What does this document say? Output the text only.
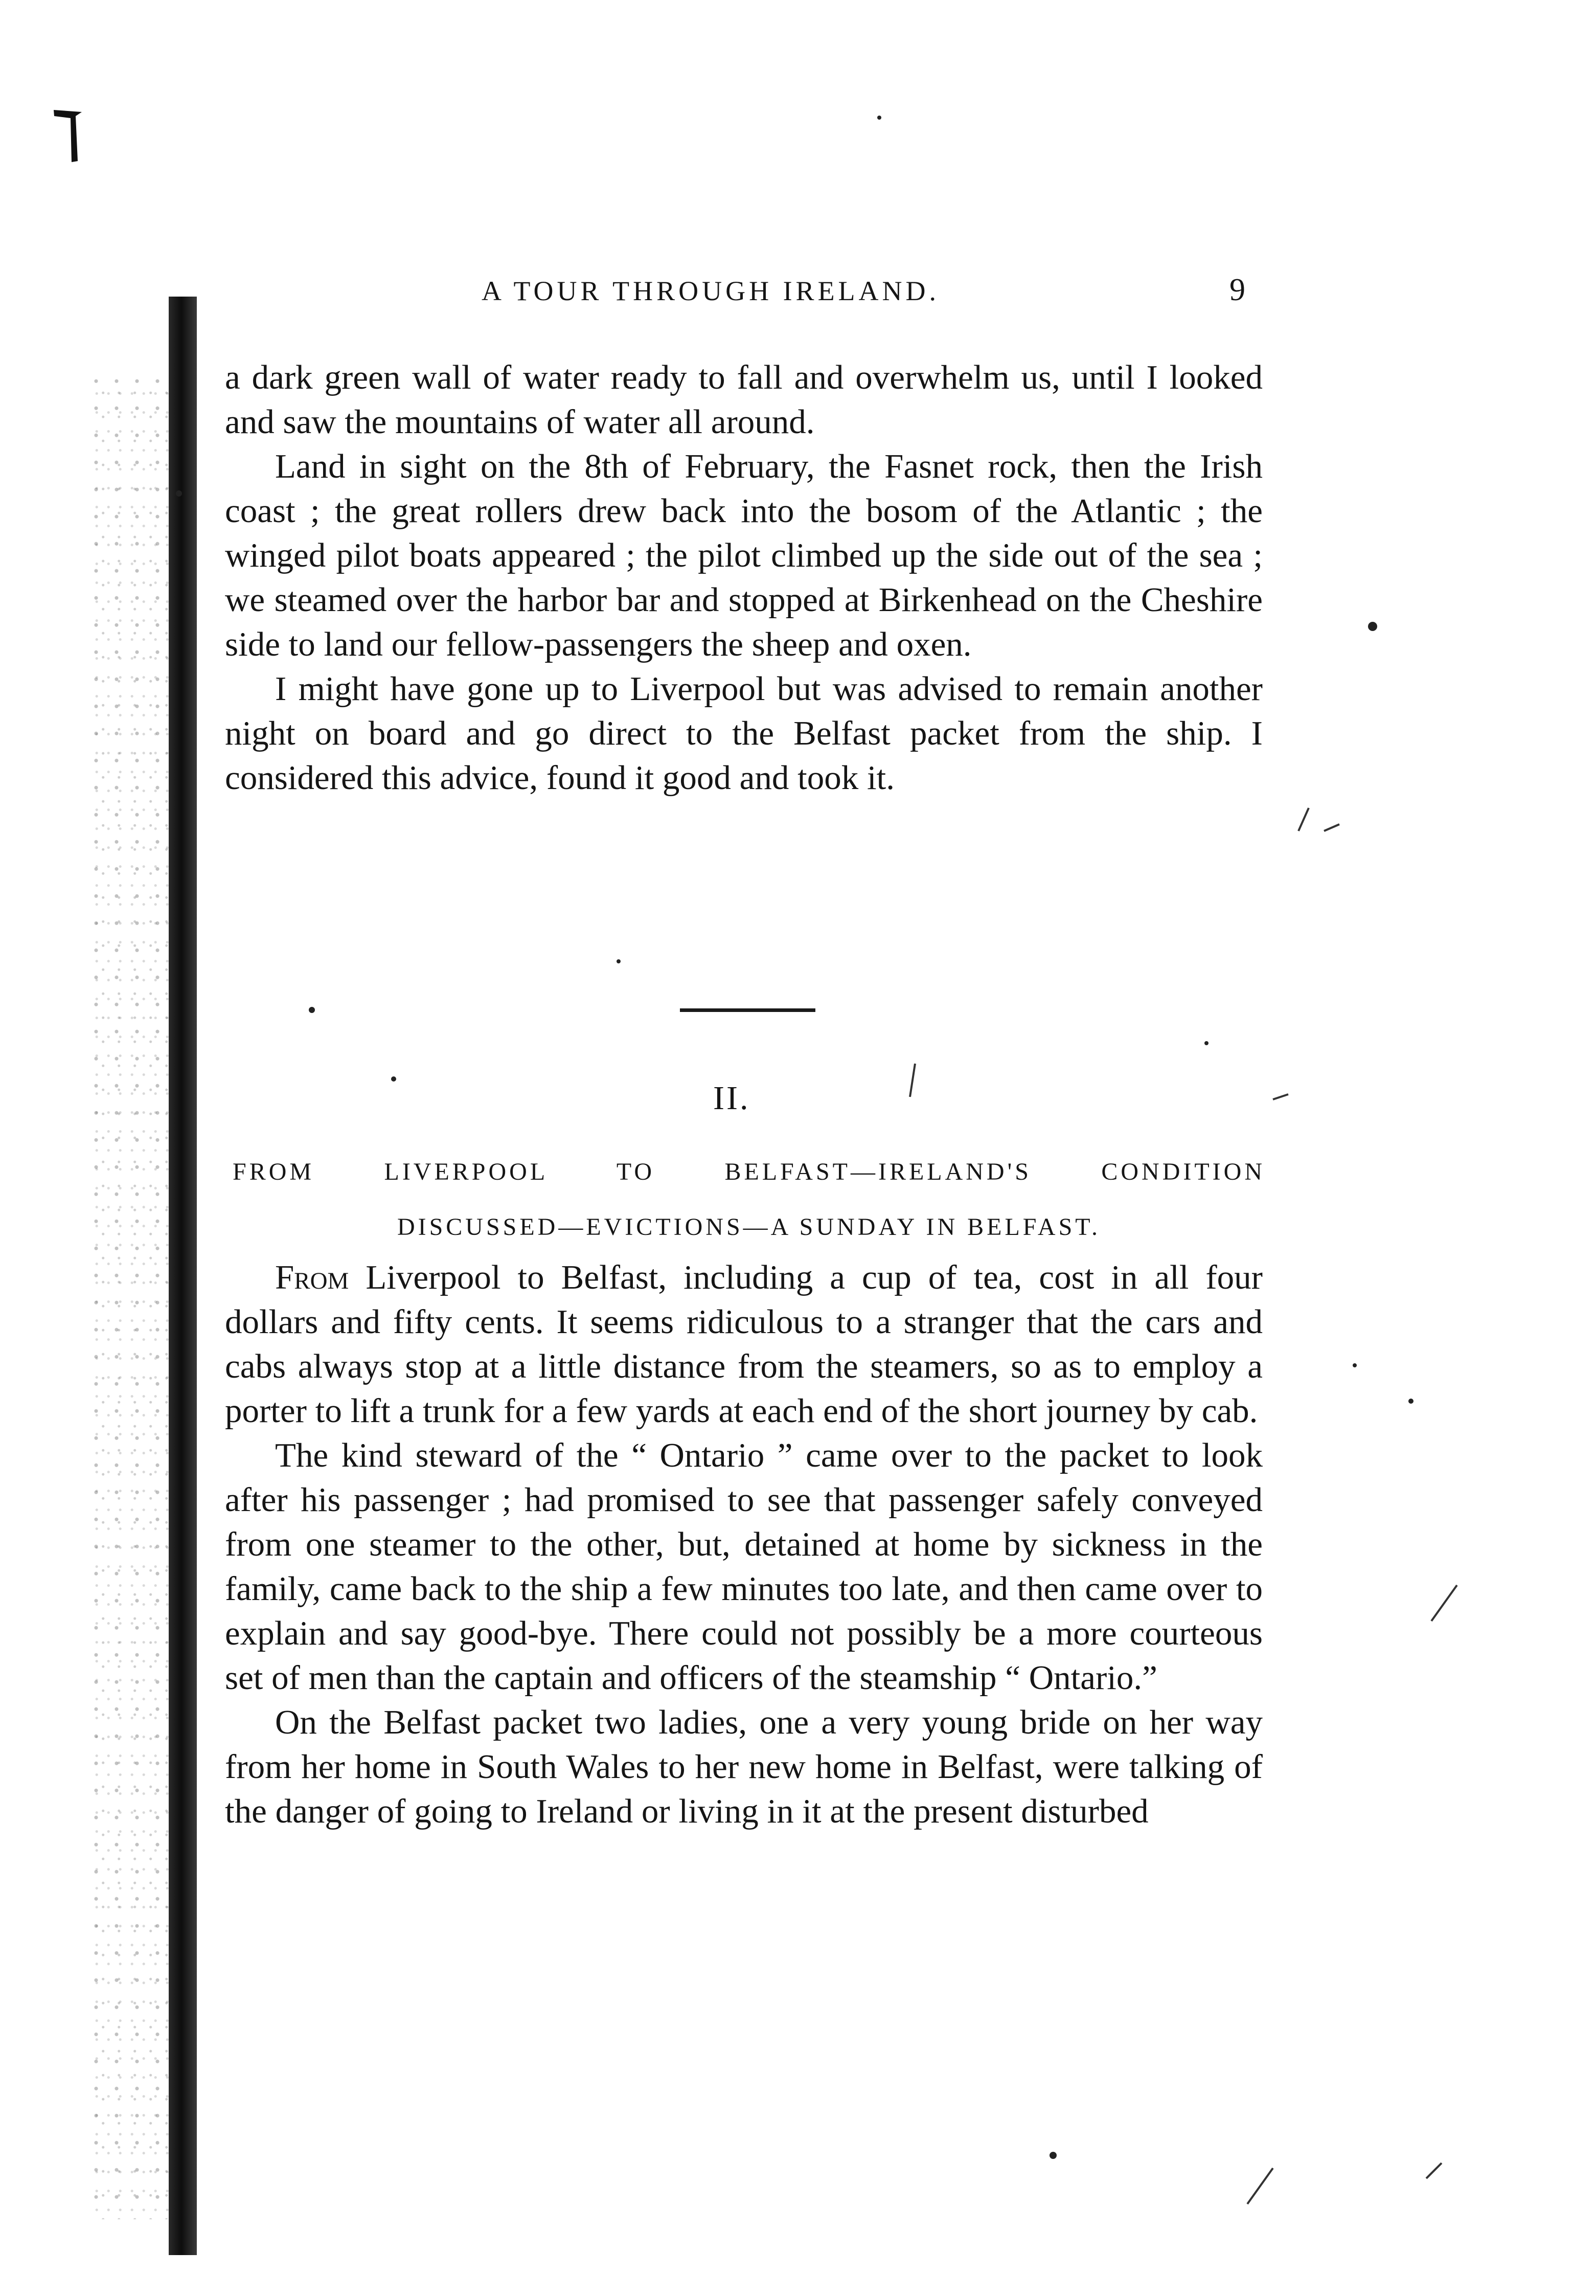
A TOUR THROUGH IRELAND.	9

a dark green wall of water ready to fall and overwhelm us, until I looked and saw the mountains of water all around.

Land in sight on the 8th of February, the Fasnet rock, then the Irish coast ; the great rollers drew back into the bosom of the Atlantic ; the winged pilot boats appeared ; the pilot climbed up the side out of the sea ; we steamed over the harbor bar and stopped at Birkenhead on the Cheshire side to land our fellow-passengers the sheep and oxen.

I might have gone up to Liverpool but was advised to remain another night on board and go direct to the Belfast packet from the ship. I considered this advice, found it good and took it.

II.
FROM LIVERPOOL TO BELFAST—IRELAND'S CONDITION
DISCUSSED—EVICTIONS—A SUNDAY IN BELFAST.

From Liverpool to Belfast, including a cup of tea, cost in all four dollars and fifty cents. It seems ridiculous to a stranger that the cars and cabs always stop at a little distance from the steamers, so as to employ a porter to lift a trunk for a few yards at each end of the short journey by cab.

The kind steward of the “ Ontario ” came over to the packet to look after his passenger ; had promised to see that passenger safely conveyed from one steamer to the other, but, detained at home by sickness in the family, came back to the ship a few minutes too late, and then came over to explain and say good-bye. There could not possibly be a more courteous set of men than the captain and officers of the steamship “ Ontario.”

On the Belfast packet two ladies, one a very young bride on her way from her home in South Wales to her new home in Belfast, were talking of the danger of going to Ireland or living in it at the present disturbed
